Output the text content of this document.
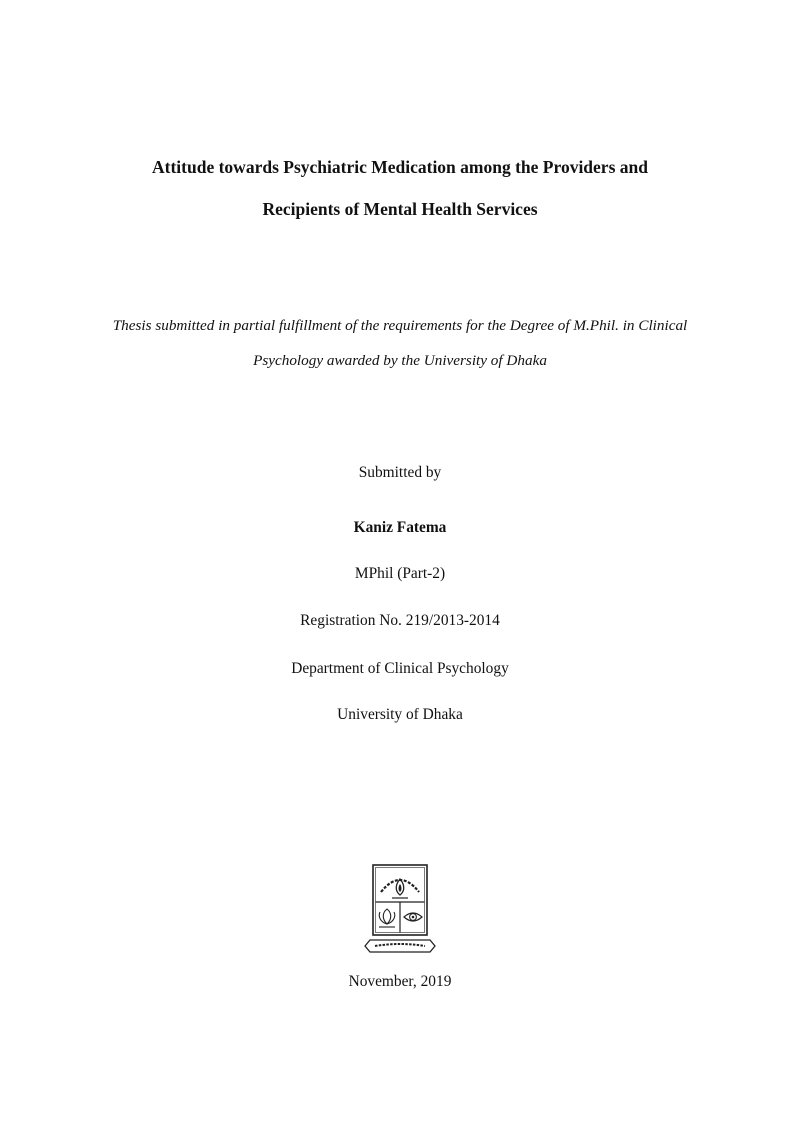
Attitude towards Psychiatric Medication among the Providers and
Recipients of Mental Health Services
Thesis submitted in partial fulfillment of the requirements for the Degree of M.Phil. in Clinical
Psychology awarded by the University of Dhaka
Submitted by
Kaniz Fatema
MPhil (Part-2)
Registration No. 219/2013-2014
Department of Clinical Psychology
University of Dhaka
November, 2019
